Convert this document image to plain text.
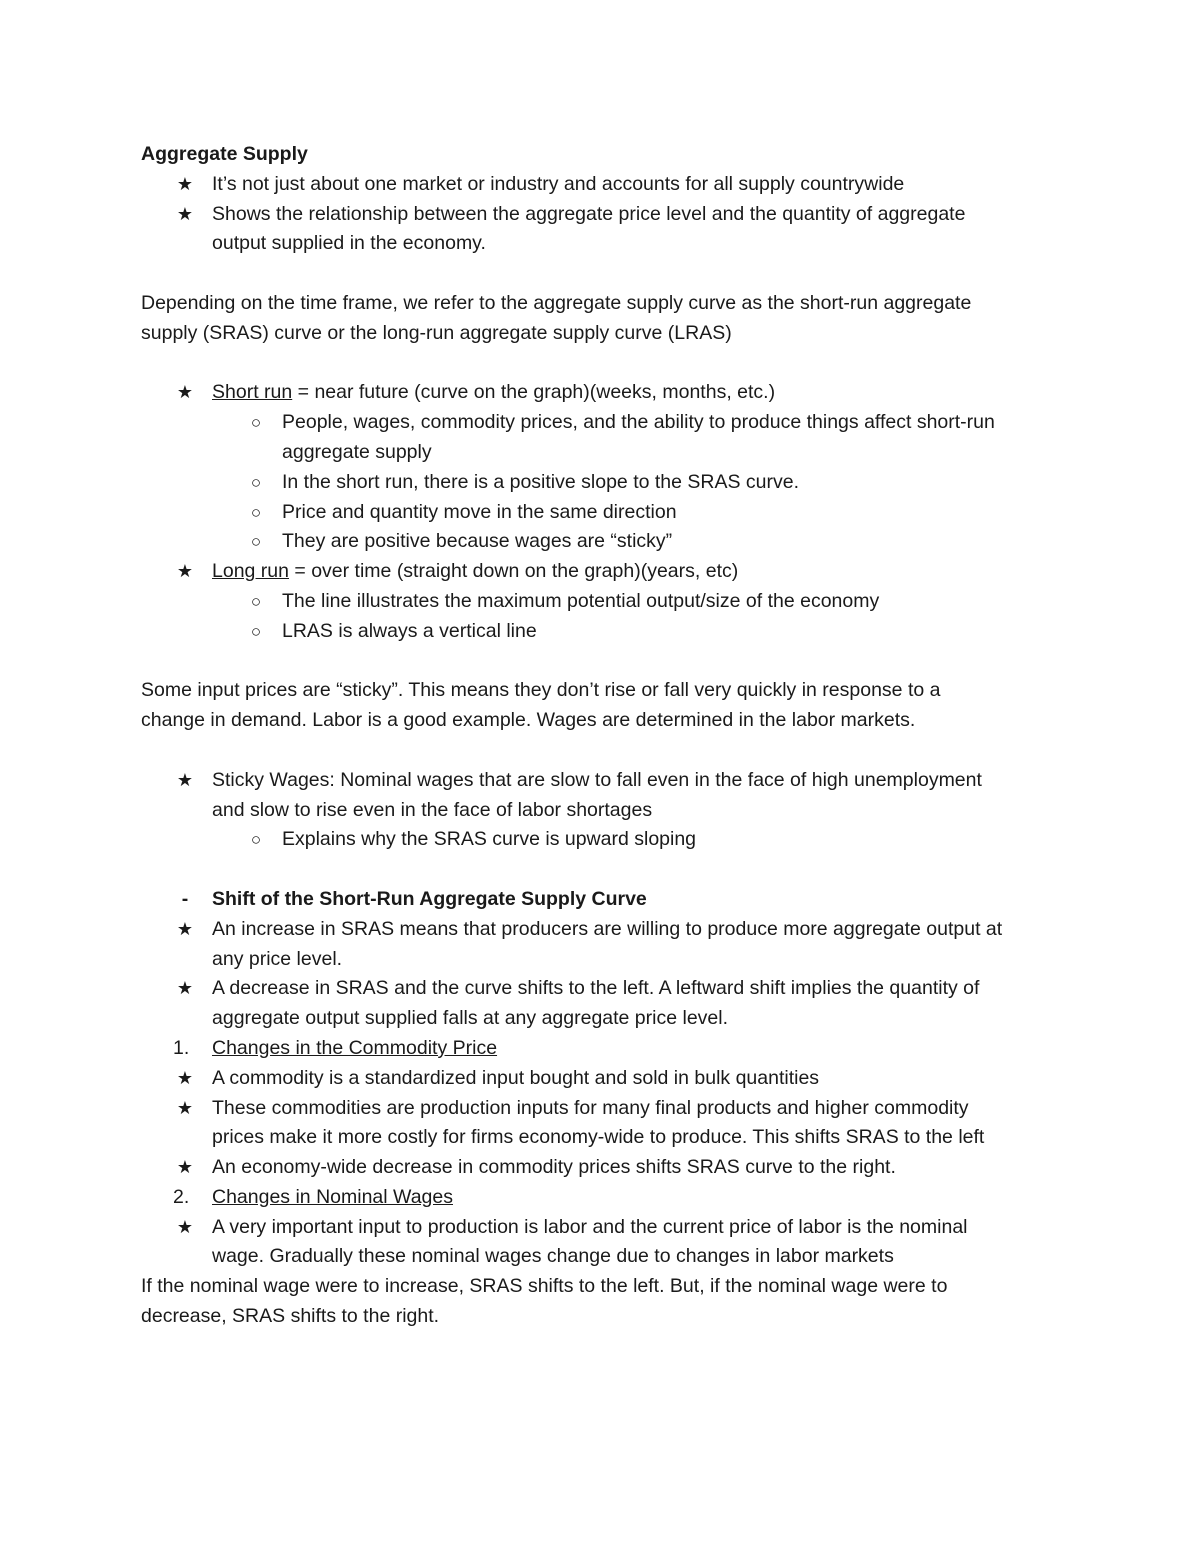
Aggregate Supply
★ It’s not just about one market or industry and accounts for all supply countrywide
★ Shows the relationship between the aggregate price level and the quantity of aggregate
output supplied in the economy.
Depending on the time frame, we refer to the aggregate supply curve as the short-run aggregate
supply (SRAS) curve or the long-run aggregate supply curve (LRAS)
★ Short run = near future (curve on the graph)(weeks, months, etc.)
○	People, wages, commodity prices, and the ability to produce things affect short-run
aggregate supply
○	In the short run, there is a positive slope to the SRAS curve.
○	Price and quantity move in the same direction
○	They are positive because wages are “sticky”
★ Long run = over time (straight down on the graph)(years, etc)
○	The line illustrates the maximum potential output/size of the economy
○	LRAS is always a vertical line
Some input prices are “sticky”. This means they don’t rise or fall very quickly in response to a
change in demand. Labor is a good example. Wages are determined in the labor markets.
★ Sticky Wages: Nominal wages that are slow to fall even in the face of high unemployment
and slow to rise even in the face of labor shortages
○	Explains why the SRAS curve is upward sloping
-	Shift of the Short-Run Aggregate Supply Curve
★ An increase in SRAS means that producers are willing to produce more aggregate output at
any price level.
★ A decrease in SRAS and the curve shifts to the left. A leftward shift implies the quantity of
aggregate output supplied falls at any aggregate price level.
1.	Changes in the Commodity Price
★ A commodity is a standardized input bought and sold in bulk quantities
★ These commodities are production inputs for many final products and higher commodity
prices make it more costly for firms economy-wide to produce. This shifts SRAS to the left
★ An economy-wide decrease in commodity prices shifts SRAS curve to the right.
2.	Changes in Nominal Wages
★ A very important input to production is labor and the current price of labor is the nominal
wage. Gradually these nominal wages change due to changes in labor markets
If the nominal wage were to increase, SRAS shifts to the left. But, if the nominal wage were to
decrease, SRAS shifts to the right.
